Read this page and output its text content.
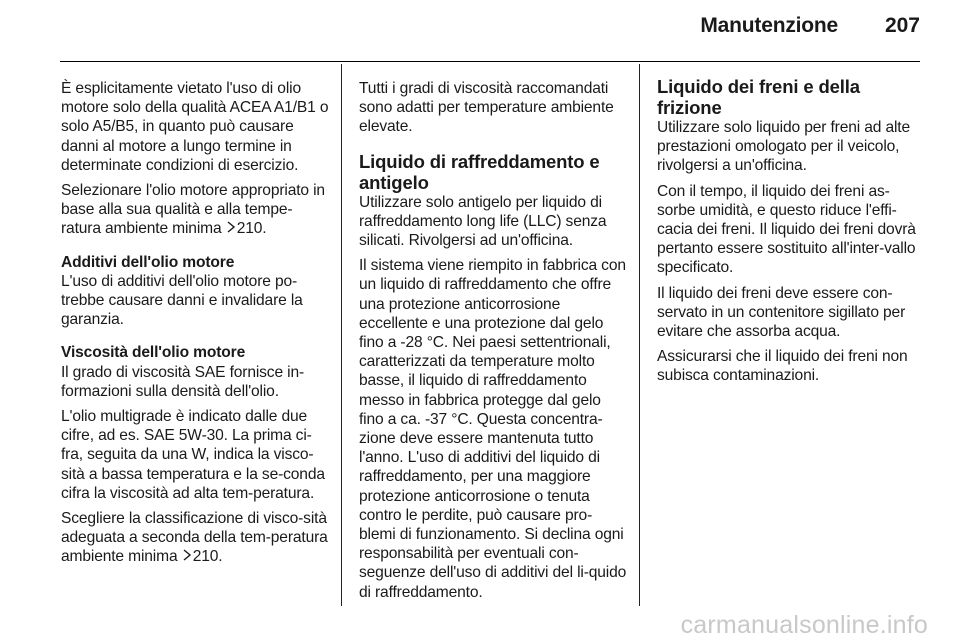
Manutenzione 207

È esplicitamente vietato l'uso di olio motore solo della qualità ACEA A1/B1 o solo A5/B5, in quanto può causare danni al motore a lungo termine in determinate condizioni di esercizio.

Selezionare l'olio motore appropriato in base alla sua qualità e alla tempe-ratura ambiente minima 210.

Additivi dell'olio motore

L'uso di additivi dell'olio motore po-trebbe causare danni e invalidare la garanzia.

Viscosità dell'olio motore

Il grado di viscosità SAE fornisce in-formazioni sulla densità dell'olio.

L'olio multigrade è indicato dalle due cifre, ad es. SAE 5W-30. La prima ci-fra, seguita da una W, indica la visco-sità a bassa temperatura e la se-conda cifra la viscosità ad alta tem-peratura.

Scegliere la classificazione di visco-sità adeguata a seconda della tem-peratura ambiente minima 210.

Tutti i gradi di viscosità raccomandati sono adatti per temperature ambiente elevate.

Liquido di raffreddamento e antigelo

Utilizzare solo antigelo per liquido di raffreddamento long life (LLC) senza silicati. Rivolgersi ad un'officina.

Il sistema viene riempito in fabbrica con un liquido di raffreddamento che offre una protezione anticorrosione eccellente e una protezione dal gelo fino a -28 °C. Nei paesi settentrionali, caratterizzati da temperature molto basse, il liquido di raffreddamento messo in fabbrica protegge dal gelo fino a ca. -37 °C. Questa concentra-zione deve essere mantenuta tutto l'anno. L'uso di additivi del liquido di raffreddamento, per una maggiore protezione anticorrosione o tenuta contro le perdite, può causare pro-blemi di funzionamento. Si declina ogni responsabilità per eventuali con-seguenze dell'uso di additivi del li-quido di raffreddamento.

Liquido dei freni e della frizione

Utilizzare solo liquido per freni ad alte prestazioni omologato per il veicolo, rivolgersi a un'officina.

Con il tempo, il liquido dei freni as-sorbe umidità, e questo riduce l'effi-cacia dei freni. Il liquido dei freni dovrà pertanto essere sostituito all'inter-vallo specificato.

Il liquido dei freni deve essere con-servato in un contenitore sigillato per evitare che assorba acqua.

Assicurarsi che il liquido dei freni non subisca contaminazioni.

carmanualsonline.info
